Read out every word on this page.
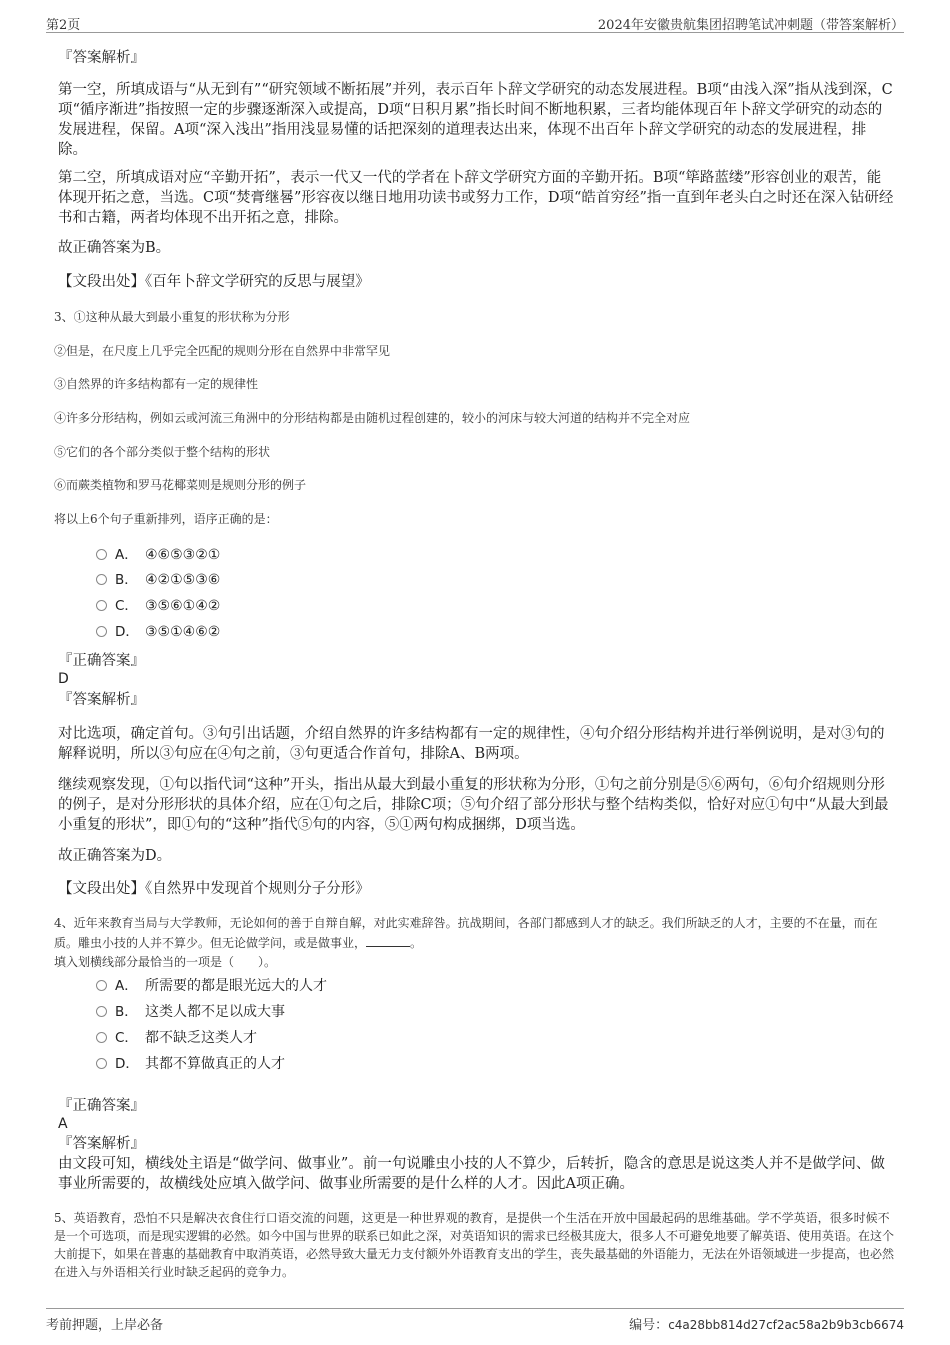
第2页	2024年安徽贵航集团招聘笔试冲刺题（带答案解析）
『答案解析』
第一空，所填成语与“从无到有”“研究领域不断拓展”并列，表示百年卜辞文学研究的动态发展进程。B项“由浅入深”指从浅到深，C项“循序渐进”指按照一定的步骤逐渐深入或提高，D项“日积月累”指长时间不断地积累，三者均能体现百年卜辞文学研究的动态的发展进程，保留。A项“深入浅出”指用浅显易懂的话把深刻的道理表达出来，体现不出百年卜辞文学研究的动态的发展进程，排除。
第二空，所填成语对应“辛勤开拓”，表示一代又一代的学者在卜辞文学研究方面的辛勤开拓。B项“筚路蓝缕”形容创业的艰苦，能体现开拓之意，当选。C项“焚膏继晷”形容夜以继日地用功读书或努力工作，D项“皓首穷经”指一直到年老头白之时还在深入钻研经书和古籍，两者均体现不出开拓之意，排除。
故正确答案为B。
【文段出处】《百年卜辞文学研究的反思与展望》
3、①这种从最大到最小重复的形状称为分形
②但是，在尺度上几乎完全匹配的规则分形在自然界中非常罕见
③自然界的许多结构都有一定的规律性
④许多分形结构，例如云或河流三角洲中的分形结构都是由随机过程创建的，较小的河床与较大河道的结构并不完全对应
⑤它们的各个部分类似于整个结构的形状
⑥而蕨类植物和罗马花椰菜则是规则分形的例子
将以上6个句子重新排列，语序正确的是：
A． ④⑥⑤③②①
B． ④②①⑤③⑥
C． ③⑤⑥①④②
D． ③⑤①④⑥②
『正确答案』
D
『答案解析』
对比选项，确定首句。③句引出话题，介绍自然界的许多结构都有一定的规律性，④句介绍分形结构并进行举例说明，是对③句的解释说明，所以③句应在④句之前，③句更适合作首句，排除A、B两项。
继续观察发现，①句以指代词“这种”开头，指出从最大到最小重复的形状称为分形，①句之前分别是⑤⑥两句，⑥句介绍规则分形的例子，是对分形形状的具体介绍，应在①句之后，排除C项；⑤句介绍了部分形状与整个结构类似，恰好对应①句中“从最大到最小重复的形状”，即①句的“这种”指代⑤句的内容，⑤①两句构成捆绑，D项当选。
故正确答案为D。
【文段出处】《自然界中发现首个规则分子分形》
4、近年来教育当局与大学教师，无论如何的善于自辩自解，对此实难辞咎。抗战期间，各部门都感到人才的缺乏。我们所缺乏的人才，主要的不在量，而在质。雕虫小技的人并不算少。但无论做学问，或是做事业，	。
填入划横线部分最恰当的一项是（　　）。
A． 所需要的都是眼光远大的人才
B． 这类人都不足以成大事
C． 都不缺乏这类人才
D． 其都不算做真正的人才
『正确答案』
A
『答案解析』
由文段可知，横线处主语是“做学问、做事业”。前一句说雕虫小技的人不算少，后转折，隐含的意思是说这类人并不是做学问、做事业所需要的，故横线处应填入做学问、做事业所需要的是什么样的人才。因此A项正确。
5、英语教育，恐怕不只是解决衣食住行口语交流的问题，这更是一种世界观的教育，是提供一个生活在开放中国最起码的思维基础。学不学英语，很多时候不是一个可选项，而是现实逻辑的必然。如今中国与世界的联系已如此之深，对英语知识的需求已经极其庞大，很多人不可避免地要了解英语、使用英语。在这个大前提下，如果在普惠的基础教育中取消英语，必然导致大量无力支付额外外语教育支出的学生，丧失最基础的外语能力，无法在外语领域进一步提高，也必然在进入与外语相关行业时缺乏起码的竞争力。
考前押题，上岸必备	编号：c4a28bb814d27cf2ac58a2b9b3cb6674
